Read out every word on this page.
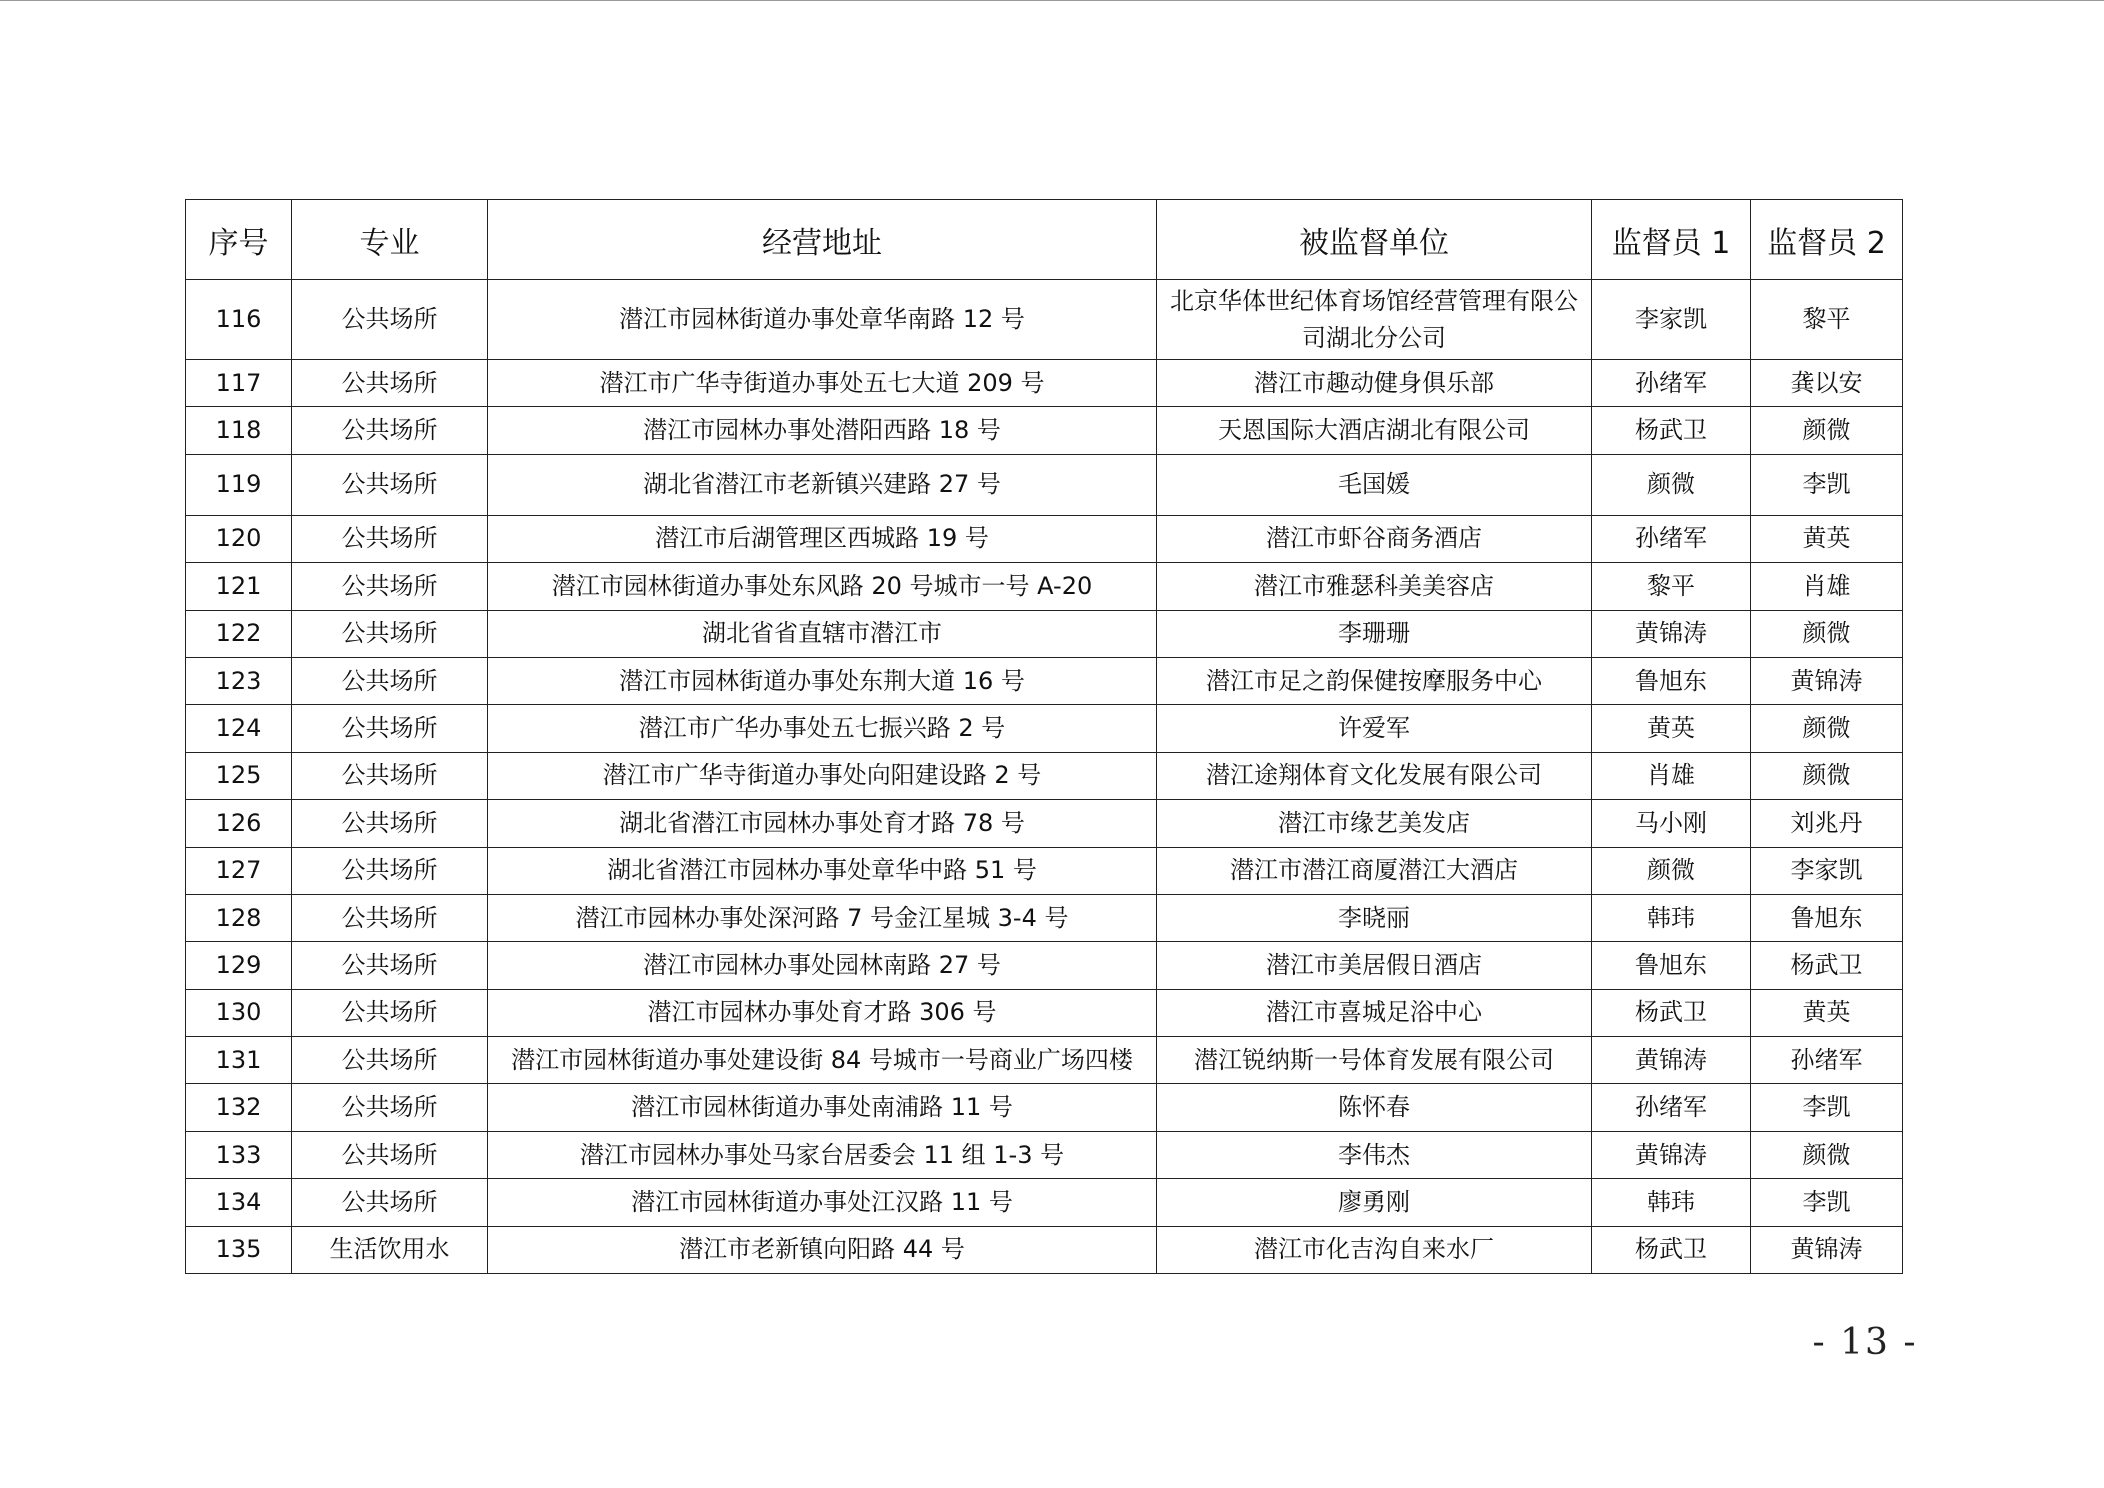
序号	专业	经营地址	被监督单位	监督员 1	监督员 2
116	公共场所	潜江市园林街道办事处章华南路 12 号	北京华体世纪体育场馆经营管理有限公司湖北分公司	李家凯	黎平
117	公共场所	潜江市广华寺街道办事处五七大道 209 号	潜江市趣动健身俱乐部	孙绪军	龚以安
118	公共场所	潜江市园林办事处潜阳西路 18 号	天恩国际大酒店湖北有限公司	杨武卫	颜微
119	公共场所	湖北省潜江市老新镇兴建路 27 号	毛国媛	颜微	李凯
120	公共场所	潜江市后湖管理区西城路 19 号	潜江市虾谷商务酒店	孙绪军	黄英
121	公共场所	潜江市园林街道办事处东风路 20 号城市一号 A-20	潜江市雅瑟科美美容店	黎平	肖雄
122	公共场所	湖北省省直辖市潜江市	李珊珊	黄锦涛	颜微
123	公共场所	潜江市园林街道办事处东荆大道 16 号	潜江市足之韵保健按摩服务中心	鲁旭东	黄锦涛
124	公共场所	潜江市广华办事处五七振兴路 2 号	许爱军	黄英	颜微
125	公共场所	潜江市广华寺街道办事处向阳建设路 2 号	潜江途翔体育文化发展有限公司	肖雄	颜微
126	公共场所	湖北省潜江市园林办事处育才路 78 号	潜江市缘艺美发店	马小刚	刘兆丹
127	公共场所	湖北省潜江市园林办事处章华中路 51 号	潜江市潜江商厦潜江大酒店	颜微	李家凯
128	公共场所	潜江市园林办事处深河路 7 号金江星城 3-4 号	李晓丽	韩玮	鲁旭东
129	公共场所	潜江市园林办事处园林南路 27 号	潜江市美居假日酒店	鲁旭东	杨武卫
130	公共场所	潜江市园林办事处育才路 306 号	潜江市喜城足浴中心	杨武卫	黄英
131	公共场所	潜江市园林街道办事处建设街 84 号城市一号商业广场四楼	潜江锐纳斯一号体育发展有限公司	黄锦涛	孙绪军
132	公共场所	潜江市园林街道办事处南浦路 11 号	陈怀春	孙绪军	李凯
133	公共场所	潜江市园林办事处马家台居委会 11 组 1-3 号	李伟杰	黄锦涛	颜微
134	公共场所	潜江市园林街道办事处江汉路 11 号	廖勇刚	韩玮	李凯
135	生活饮用水	潜江市老新镇向阳路 44 号	潜江市化吉沟自来水厂	杨武卫	黄锦涛
- 13 -
